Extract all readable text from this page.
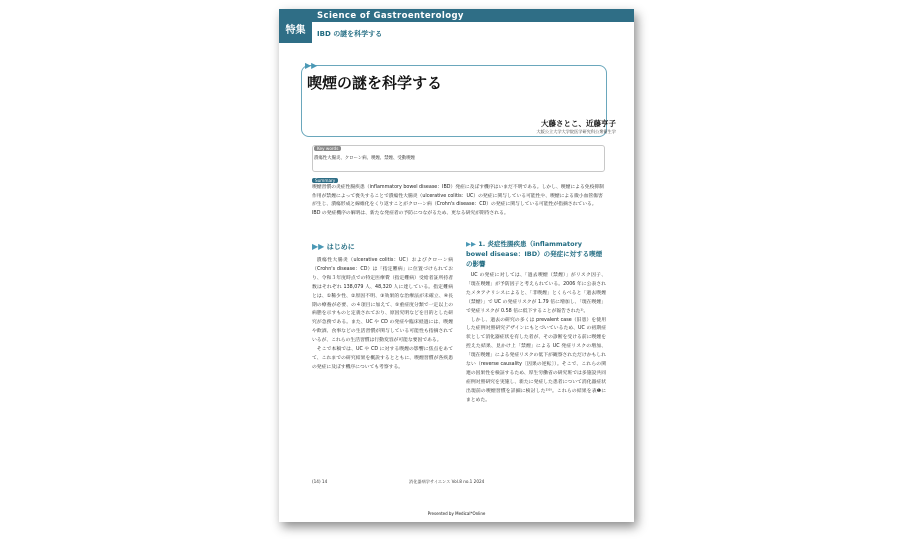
特集
Science of Gastroenterology
IBD の謎を科学する
▶▶
喫煙の謎を科学する
大藤さとこ、近藤亨子
大阪公立大学大学院医学研究科公衆衛生学
Key words
潰瘍性大腸炎、クローン病、喫煙、禁煙、受動喫煙
Summary
喫煙習慣の炎症性腸疾患（inflammatory bowel disease：IBD）発症に及ぼす機序はいまだ不明である。しかし、喫煙による免疫抑制作用が禁煙によって喪失することで潰瘍性大腸炎（ulcerative colitis：UC）の発症に関与している可能性や、喫煙による微小血管傷害が生じ、潰瘍形成と線維化をくり返すことがクローン病（Crohn's disease：CD）の発症に関与している可能性が指摘されている。IBD の発症機序の解明は、新たな発症者の予防につながるため、更なる研究が期待される。
▶▶ はじめに

潰瘍性大腸炎（ulcerative colitis：UC）およびクローン病（Crohn's disease：CD）は「指定難病」に位置づけられており、令和３年度時点での特定医療費（指定難病）受給者証所持者数はそれぞれ 138,079 人、48,320 人に達している。指定難病とは、①稀少性、②原因不明、③効果的な治療法が未確立、④長期の療養が必要、の４項目に加えて、⑤重症度分類で一定以上の病態を示すものと定義されており、原因究明などを目的とした研究が急務である。また、UC や CD の発症や臨床経過には、喫煙や飲酒、食事などの生活習慣が関与している可能性も指摘されているが、これらの生活習慣は行動変容が可能な要因である。

そこで本稿では、UC や CD に対する喫煙の影響に焦点をあてて、これまでの研究結果を概説するとともに、喫煙習慣が各疾患の発症に及ぼす機序についても考察する。

▶▶ 1. 炎症性腸疾患（inflammatory bowel disease：IBD）の発症に対する喫煙の影響

UC の発症に対しては、「過去喫煙（禁煙）」がリスク因子、「現在喫煙」が予防因子と考えられている。2006 年に公表されたメタアナリシスによると、「非喫煙」とくらべると「過去喫煙（禁煙）」で UC の発症リスクが 1.79 倍に増加し、「現在喫煙」で発症リスクが 0.58 倍に低下することが報告された¹⁾。

しかし、過去の研究の多くは prevalent case（旧患）を使用した症例対照研究デザインにもとづいているため、UC の初期症状として消化器症状を有した者が、その診断を受ける前に喫煙を控えた結果、見かけ上「禁煙」による UC 発症リスクの増加、「現在喫煙」による発症リスクの低下が観察されただけかもしれない（reverse causality〔因果の逆転〕）。そこで、これらの関連の因果性を検証するため、厚生労働省の研究班では多施設共同症例対照研究を実施し、新たに発症した患者について消化器症状出現前の喫煙習慣を詳細に検討した²⁾³⁾。これらの結果を表❶にまとめた。

(14) 14	消化器病学サイエンス Vol.8 no.1 2024
Presented by Medical*Online
